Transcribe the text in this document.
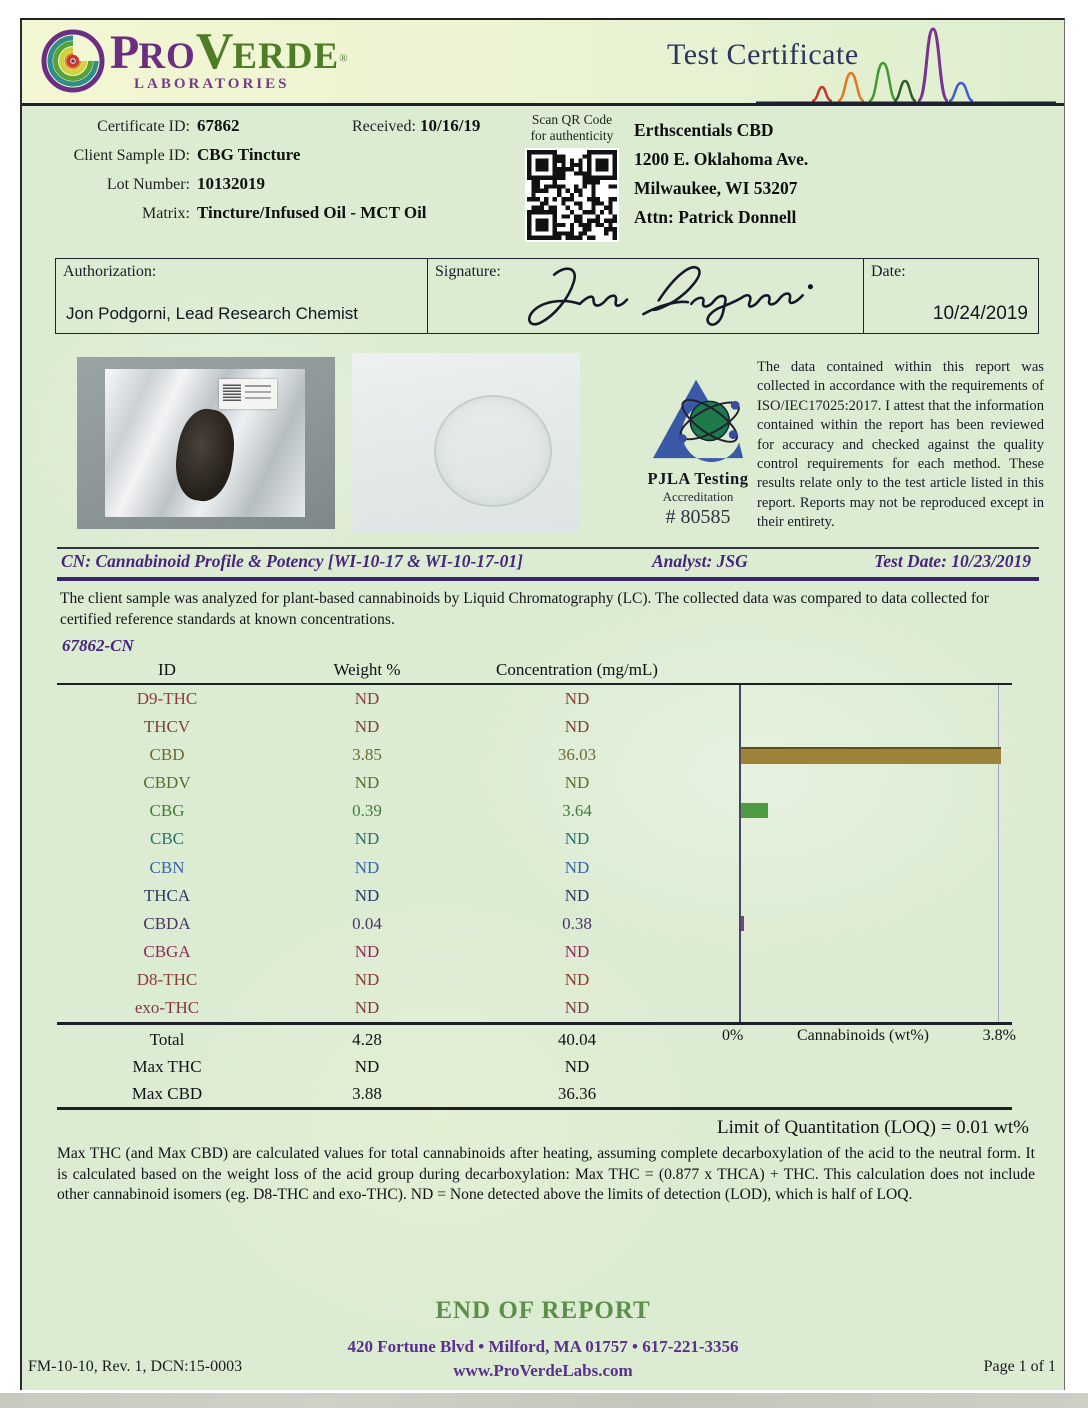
PROVERDE®
LABORATORIES
Test Certificate
Certificate ID: 67862
Client Sample ID: CBG Tincture
Lot Number: 10132019
Matrix: Tincture/Infused Oil - MCT Oil
Received: 10/16/19	Scan QR Code
for authenticity	Erthscentials CBD
1200 E. Oklahoma Ave.
Milwaukee, WI 53207
Attn: Patrick Donnell
Authorization:
Jon Podgorni, Lead Research Chemist
Signature:	Date:
10/24/2019
PJLA Testing
Accreditation
# 80585
The data contained within this report was collected in accordance with the requirements of ISO/IEC17025:2017. I attest that the information contained within the report has been reviewed for accuracy and checked against the quality control requirements for each method. These results relate only to the test article listed in this report. Reports may not be reproduced except in their entirety.
CN: Cannabinoid Profile & Potency [WI-10-17 & WI-10-17-01]	Analyst: JSG	Test Date: 10/23/2019
The client sample was analyzed for plant-based cannabinoids by Liquid Chromatography (LC). The collected data was compared to data collected for certified reference standards at known concentrations.
67862-CN
ID	Weight %	Concentration (mg/mL)
D9-THC	ND	ND
THCV	ND	ND
CBD	3.85	36.03
CBDV	ND	ND
CBG	0.39	3.64
CBC	ND	ND
CBN	ND	ND
THCA	ND	ND
CBDA	0.04	0.38
CBGA	ND	ND
D8-THC	ND	ND
exo-THC	ND	ND
Total	4.28	40.04
Max THC	ND	ND
Max CBD	3.88	36.36
0%	Cannabinoids (wt%)	3.8%
Limit of Quantitation (LOQ) = 0.01 wt%
Max THC (and Max CBD) are calculated values for total cannabinoids after heating, assuming complete decarboxylation of the acid to the neutral form. It is calculated based on the weight loss of the acid group during decarboxylation: Max THC = (0.877 x THCA) + THC. This calculation does not include other cannabinoid isomers (eg. D8-THC and exo-THC). ND = None detected above the limits of detection (LOD), which is half of LOQ.
END OF REPORT
420 Fortune Blvd • Milford, MA 01757 • 617-221-3356
www.ProVerdeLabs.com
FM-10-10, Rev. 1, DCN:15-0003	Page 1 of 1
